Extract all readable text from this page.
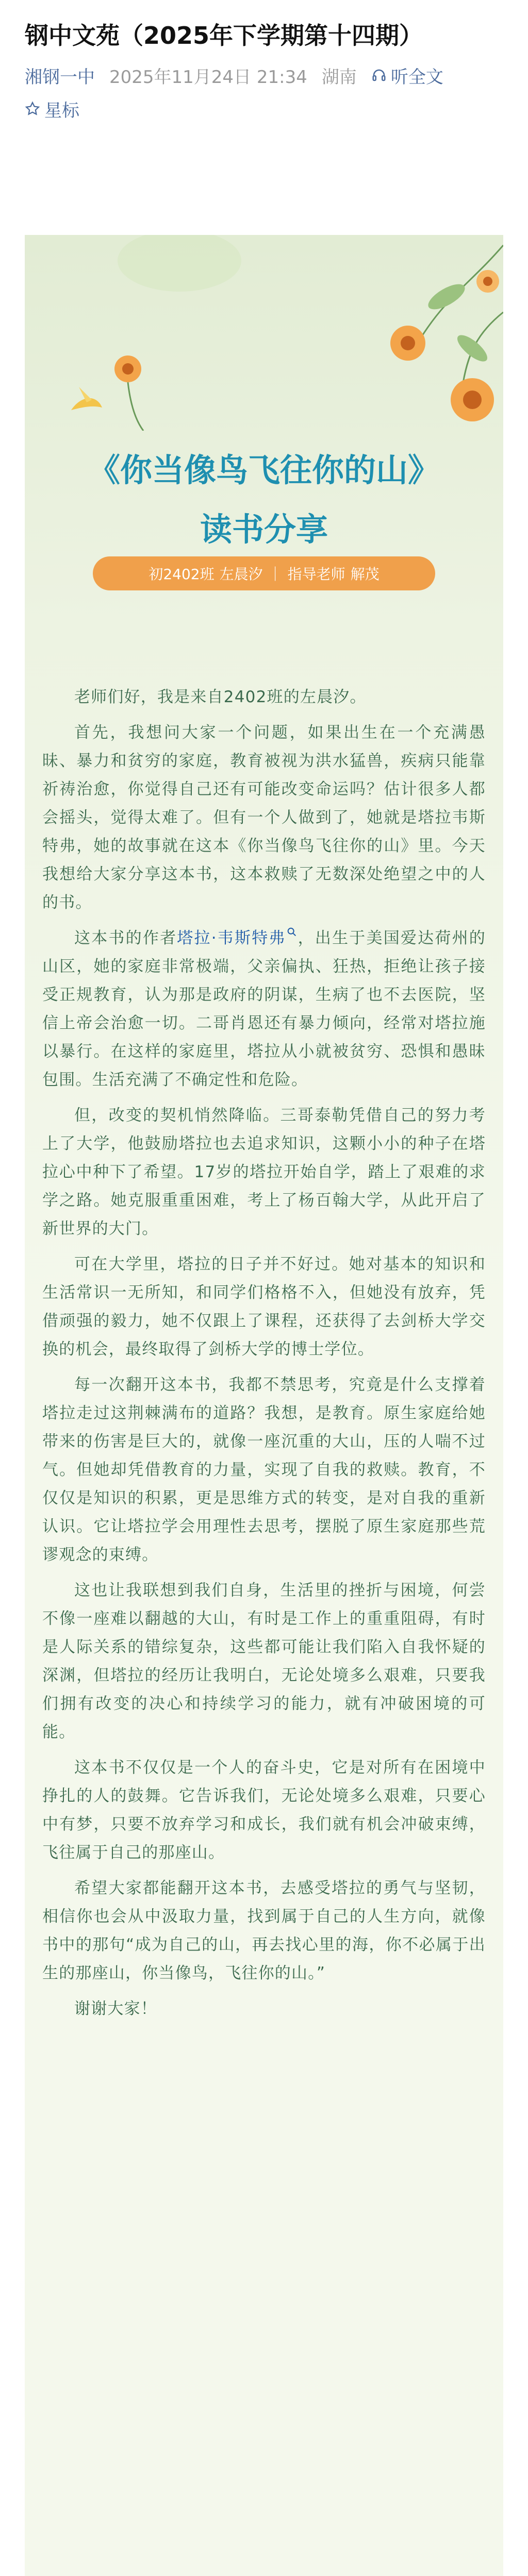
钢中文苑（2025年下学期第十四期）
湘钢一中 2025年11月24日 21:34 湖南 听全文
星标
《你当像鸟飞往你的山》
读书分享
初2402班 左晨汐 ｜ 指导老师 解茂

老师们好，我是来自2402班的左晨汐。

首先，我想问大家一个问题，如果出生在一个充满愚昧、暴力和贫穷的家庭，教育被视为洪水猛兽，疾病只能靠祈祷治愈，你觉得自己还有可能改变命运吗？估计很多人都会摇头，觉得太难了。但有一个人做到了，她就是塔拉韦斯特弗，她的故事就在这本《你当像鸟飞往你的山》里。今天我想给大家分享这本书，这本救赎了无数深处绝望之中的人的书。

这本书的作者塔拉·韦斯特弗 ，出生于美国爱达荷州的山区，她的家庭非常极端，父亲偏执、狂热，拒绝让孩子接受正规教育，认为那是政府的阴谋，生病了也不去医院，坚信上帝会治愈一切。二哥肖恩还有暴力倾向，经常对塔拉施以暴行。在这样的家庭里，塔拉从小就被贫穷、恐惧和愚昧包围。生活充满了不确定性和危险。

但，改变的契机悄然降临。三哥泰勒凭借自己的努力考上了大学，他鼓励塔拉也去追求知识，这颗小小的种子在塔拉心中种下了希望。17岁的塔拉开始自学，踏上了艰难的求学之路。她克服重重困难，考上了杨百翰大学，从此开启了新世界的大门。

可在大学里，塔拉的日子并不好过。她对基本的知识和生活常识一无所知，和同学们格格不入，但她没有放弃，凭借顽强的毅力，她不仅跟上了课程，还获得了去剑桥大学交换的机会，最终取得了剑桥大学的博士学位。

每一次翻开这本书，我都不禁思考，究竟是什么支撑着塔拉走过这荆棘满布的道路？我想，是教育。原生家庭给她带来的伤害是巨大的，就像一座沉重的大山，压的人喘不过气。但她却凭借教育的力量，实现了自我的救赎。教育，不仅仅是知识的积累，更是思维方式的转变，是对自我的重新认识。它让塔拉学会用理性去思考，摆脱了原生家庭那些荒谬观念的束缚。

这也让我联想到我们自身，生活里的挫折与困境，何尝不像一座难以翻越的大山，有时是工作上的重重阻碍，有时是人际关系的错综复杂，这些都可能让我们陷入自我怀疑的深渊，但塔拉的经历让我明白，无论处境多么艰难，只要我们拥有改变的决心和持续学习的能力，就有冲破困境的可能。

这本书不仅仅是一个人的奋斗史，它是对所有在困境中挣扎的人的鼓舞。它告诉我们，无论处境多么艰难，只要心中有梦，只要不放弃学习和成长，我们就有机会冲破束缚，飞往属于自己的那座山。

希望大家都能翻开这本书，去感受塔拉的勇气与坚韧，相信你也会从中汲取力量，找到属于自己的人生方向，就像书中的那句“成为自己的山，再去找心里的海，你不必属于出生的那座山，你当像鸟，飞往你的山。”

谢谢大家！
